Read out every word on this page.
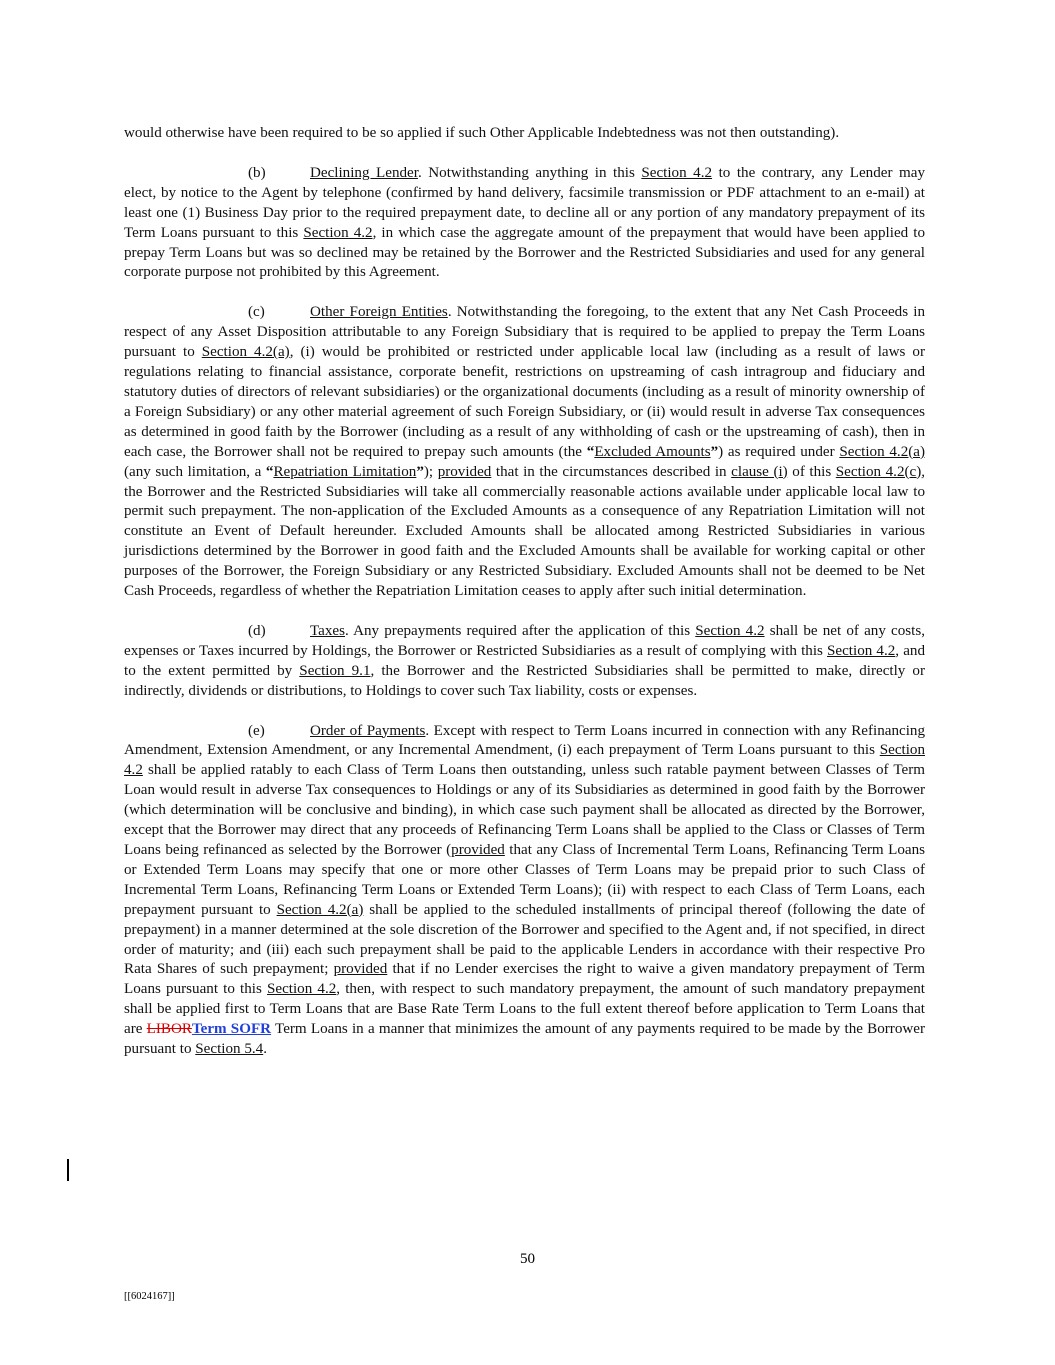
would otherwise have been required to be so applied if such Other Applicable Indebtedness was not then outstanding).

(b)	Declining Lender. Notwithstanding anything in this Section 4.2 to the contrary, any Lender may elect, by notice to the Agent by telephone (confirmed by hand delivery, facsimile transmission or PDF attachment to an e-mail) at least one (1) Business Day prior to the required prepayment date, to decline all or any portion of any mandatory prepayment of its Term Loans pursuant to this Section 4.2, in which case the aggregate amount of the prepayment that would have been applied to prepay Term Loans but was so declined may be retained by the Borrower and the Restricted Subsidiaries and used for any general corporate purpose not prohibited by this Agreement.

(c)	Other Foreign Entities. Notwithstanding the foregoing, to the extent that any Net Cash Proceeds in respect of any Asset Disposition attributable to any Foreign Subsidiary that is required to be applied to prepay the Term Loans pursuant to Section 4.2(a), (i) would be prohibited or restricted under applicable local law (including as a result of laws or regulations relating to financial assistance, corporate benefit, restrictions on upstreaming of cash intragroup and fiduciary and statutory duties of directors of relevant subsidiaries) or the organizational documents (including as a result of minority ownership of a Foreign Subsidiary) or any other material agreement of such Foreign Subsidiary, or (ii) would result in adverse Tax consequences as determined in good faith by the Borrower (including as a result of any withholding of cash or the upstreaming of cash), then in each case, the Borrower shall not be required to prepay such amounts (the “Excluded Amounts”) as required under Section 4.2(a) (any such limitation, a “Repatriation Limitation”); provided that in the circumstances described in clause (i) of this Section 4.2(c), the Borrower and the Restricted Subsidiaries will take all commercially reasonable actions available under applicable local law to permit such prepayment. The non-application of the Excluded Amounts as a consequence of any Repatriation Limitation will not constitute an Event of Default hereunder. Excluded Amounts shall be allocated among Restricted Subsidiaries in various jurisdictions determined by the Borrower in good faith and the Excluded Amounts shall be available for working capital or other purposes of the Borrower, the Foreign Subsidiary or any Restricted Subsidiary. Excluded Amounts shall not be deemed to be Net Cash Proceeds, regardless of whether the Repatriation Limitation ceases to apply after such initial determination.

(d)	Taxes. Any prepayments required after the application of this Section 4.2 shall be net of any costs, expenses or Taxes incurred by Holdings, the Borrower or Restricted Subsidiaries as a result of complying with this Section 4.2, and to the extent permitted by Section 9.1, the Borrower and the Restricted Subsidiaries shall be permitted to make, directly or indirectly, dividends or distributions, to Holdings to cover such Tax liability, costs or expenses.

(e)	Order of Payments. Except with respect to Term Loans incurred in connection with any Refinancing Amendment, Extension Amendment, or any Incremental Amendment, (i) each prepayment of Term Loans pursuant to this Section 4.2 shall be applied ratably to each Class of Term Loans then outstanding, unless such ratable payment between Classes of Term Loan would result in adverse Tax consequences to Holdings or any of its Subsidiaries as determined in good faith by the Borrower (which determination will be conclusive and binding), in which case such payment shall be allocated as directed by the Borrower, except that the Borrower may direct that any proceeds of Refinancing Term Loans shall be applied to the Class or Classes of Term Loans being refinanced as selected by the Borrower (provided that any Class of Incremental Term Loans, Refinancing Term Loans or Extended Term Loans may specify that one or more other Classes of Term Loans may be prepaid prior to such Class of Incremental Term Loans, Refinancing Term Loans or Extended Term Loans); (ii) with respect to each Class of Term Loans, each prepayment pursuant to Section 4.2(a) shall be applied to the scheduled installments of principal thereof (following the date of prepayment) in a manner determined at the sole discretion of the Borrower and specified to the Agent and, if not specified, in direct order of maturity; and (iii) each such prepayment shall be paid to the applicable Lenders in accordance with their respective Pro Rata Shares of such prepayment; provided that if no Lender exercises the right to waive a given mandatory prepayment of Term Loans pursuant to this Section 4.2, then, with respect to such mandatory prepayment, the amount of such mandatory prepayment shall be applied first to Term Loans that are Base Rate Term Loans to the full extent thereof before application to Term Loans that are LIBORTerm SOFR Term Loans in a manner that minimizes the amount of any payments required to be made by the Borrower pursuant to Section 5.4.

50
[[6024167]]
